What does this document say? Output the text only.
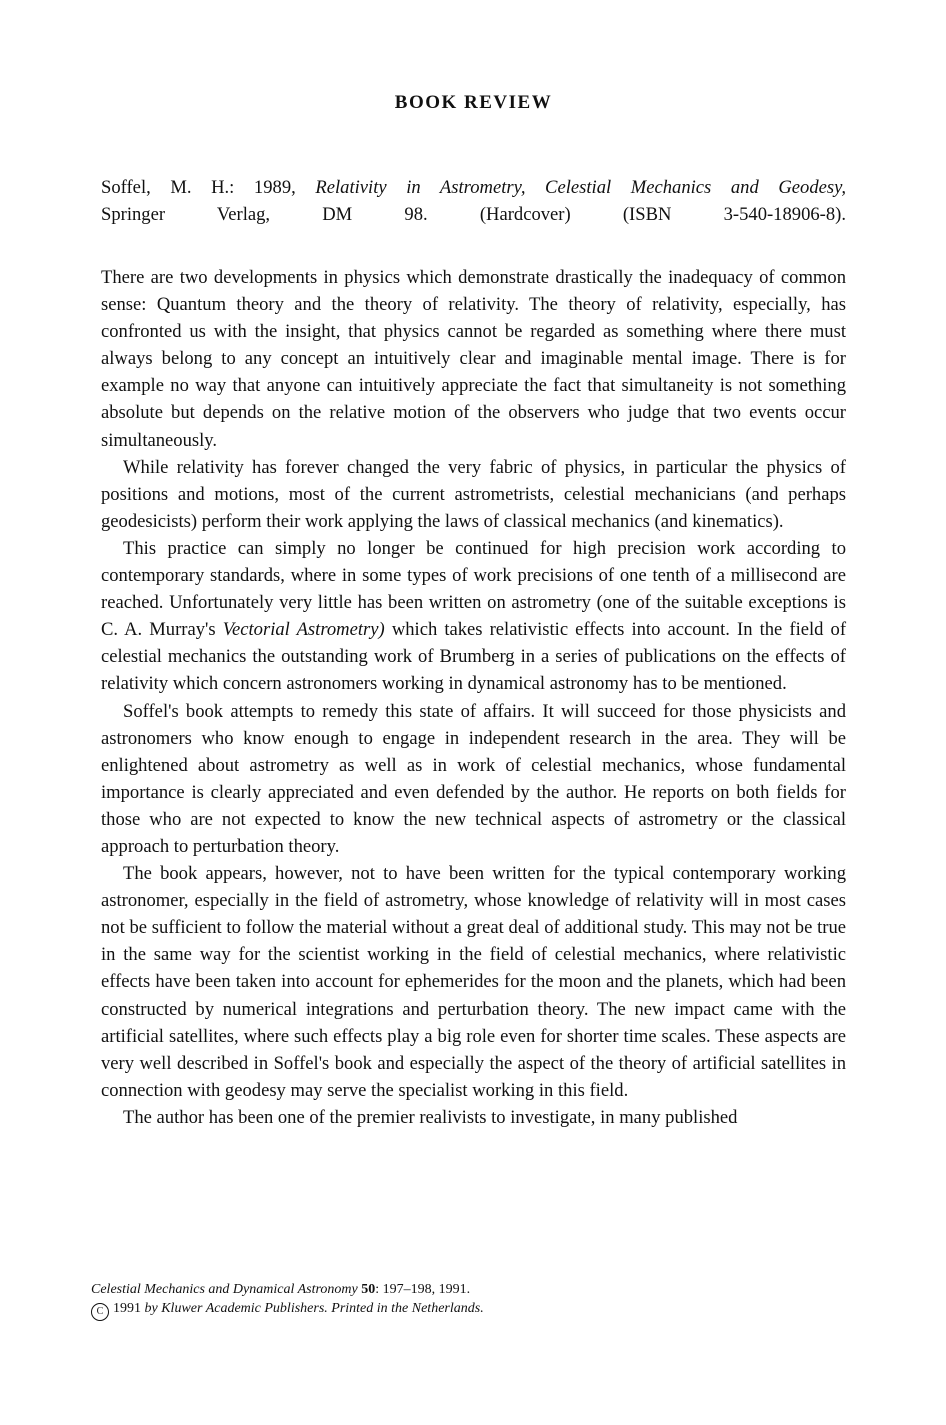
BOOK REVIEW
Soffel, M. H.: 1989, Relativity in Astrometry, Celestial Mechanics and Geodesy,
Springer Verlag, DM 98. (Hardcover) (ISBN 3-540-18906-8).

There are two developments in physics which demonstrate drastically the inadequacy of common sense: Quantum theory and the theory of relativity. The theory of relativity, especially, has confronted us with the insight, that physics cannot be regarded as something where there must always belong to any concept an intuitively clear and imaginable mental image. There is for example no way that anyone can intuitively appreciate the fact that simultaneity is not something absolute but depends on the relative motion of the observers who judge that two events occur simultaneously.

While relativity has forever changed the very fabric of physics, in particular the physics of positions and motions, most of the current astrometrists, celestial mechanicians (and perhaps geodesicists) perform their work applying the laws of classical mechanics (and kinematics).

This practice can simply no longer be continued for high precision work according to contemporary standards, where in some types of work precisions of one tenth of a millisecond are reached. Unfortunately very little has been written on astrometry (one of the suitable exceptions is C. A. Murray's Vectorial Astrometry) which takes relativistic effects into account. In the field of celestial mechanics the outstanding work of Brumberg in a series of publications on the effects of relativity which concern astronomers working in dynamical astronomy has to be mentioned.

Soffel's book attempts to remedy this state of affairs. It will succeed for those physicists and astronomers who know enough to engage in independent research in the area. They will be enlightened about astrometry as well as in work of celestial mechanics, whose fundamental importance is clearly appreciated and even defended by the author. He reports on both fields for those who are not expected to know the new technical aspects of astrometry or the classical approach to perturbation theory.

The book appears, however, not to have been written for the typical contemporary working astronomer, especially in the field of astrometry, whose knowledge of relativity will in most cases not be sufficient to follow the material without a great deal of additional study. This may not be true in the same way for the scientist working in the field of celestial mechanics, where relativistic effects have been taken into account for ephemerides for the moon and the planets, which had been constructed by numerical integrations and perturbation theory. The new impact came with the artificial satellites, where such effects play a big role even for shorter time scales. These aspects are very well described in Soffel's book and especially the aspect of the theory of artificial satellites in connection with geodesy may serve the specialist working in this field.

The author has been one of the premier realivists to investigate, in many published

Celestial Mechanics and Dynamical Astronomy 50: 197–198, 1991.
C 1991 by Kluwer Academic Publishers. Printed in the Netherlands.
